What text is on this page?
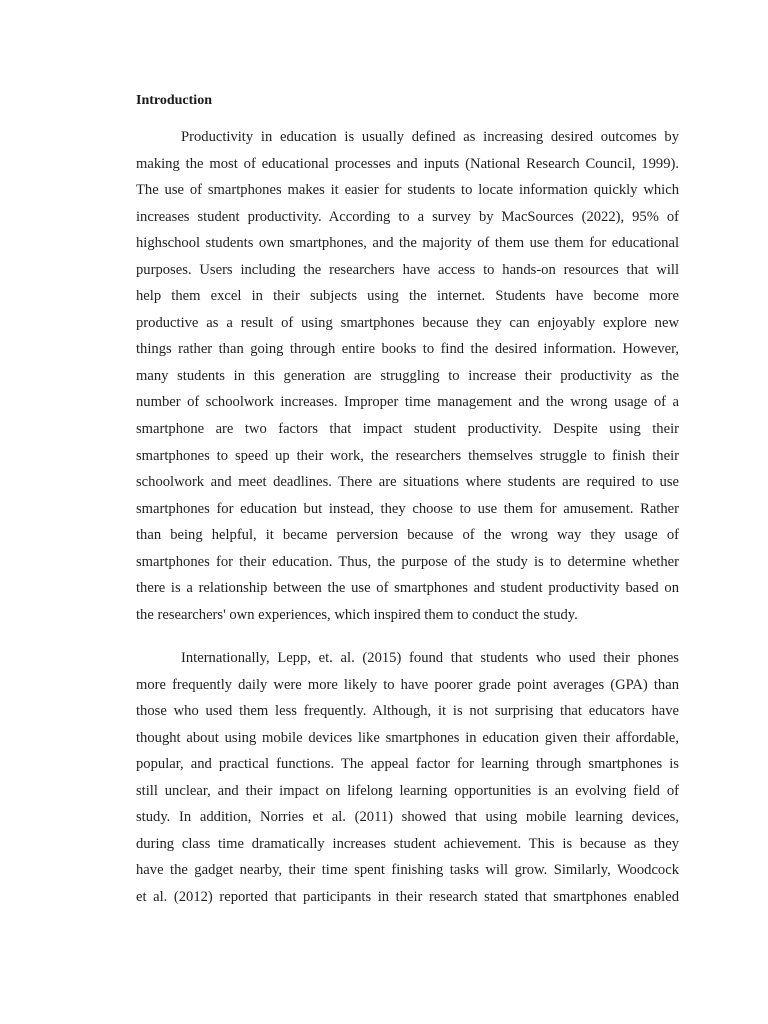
Introduction
Productivity in education is usually defined as increasing desired outcomes by
making the most of educational processes and inputs (National Research Council, 1999).
The use of smartphones makes it easier for students to locate information quickly which
increases student productivity. According to a survey by MacSources (2022), 95% of
highschool students own smartphones, and the majority of them use them for educational
purposes. Users including the researchers have access to hands-on resources that will
help them excel in their subjects using the internet. Students have become more
productive as a result of using smartphones because they can enjoyably explore new
things rather than going through entire books to find the desired information. However,
many students in this generation are struggling to increase their productivity as the
number of schoolwork increases. Improper time management and the wrong usage of a
smartphone are two factors that impact student productivity. Despite using their
smartphones to speed up their work, the researchers themselves struggle to finish their
schoolwork and meet deadlines. There are situations where students are required to use
smartphones for education but instead, they choose to use them for amusement. Rather
than being helpful, it became perversion because of the wrong way they usage of
smartphones for their education. Thus, the purpose of the study is to determine whether
there is a relationship between the use of smartphones and student productivity based on
the researchers' own experiences, which inspired them to conduct the study.
Internationally, Lepp, et. al. (2015) found that students who used their phones
more frequently daily were more likely to have poorer grade point averages (GPA) than
those who used them less frequently. Although, it is not surprising that educators have
thought about using mobile devices like smartphones in education given their affordable,
popular, and practical functions. The appeal factor for learning through smartphones is
still unclear, and their impact on lifelong learning opportunities is an evolving field of
study. In addition, Norries et al. (2011) showed that using mobile learning devices,
during class time dramatically increases student achievement. This is because as they
have the gadget nearby, their time spent finishing tasks will grow. Similarly, Woodcock
et al. (2012) reported that participants in their research stated that smartphones enabled
